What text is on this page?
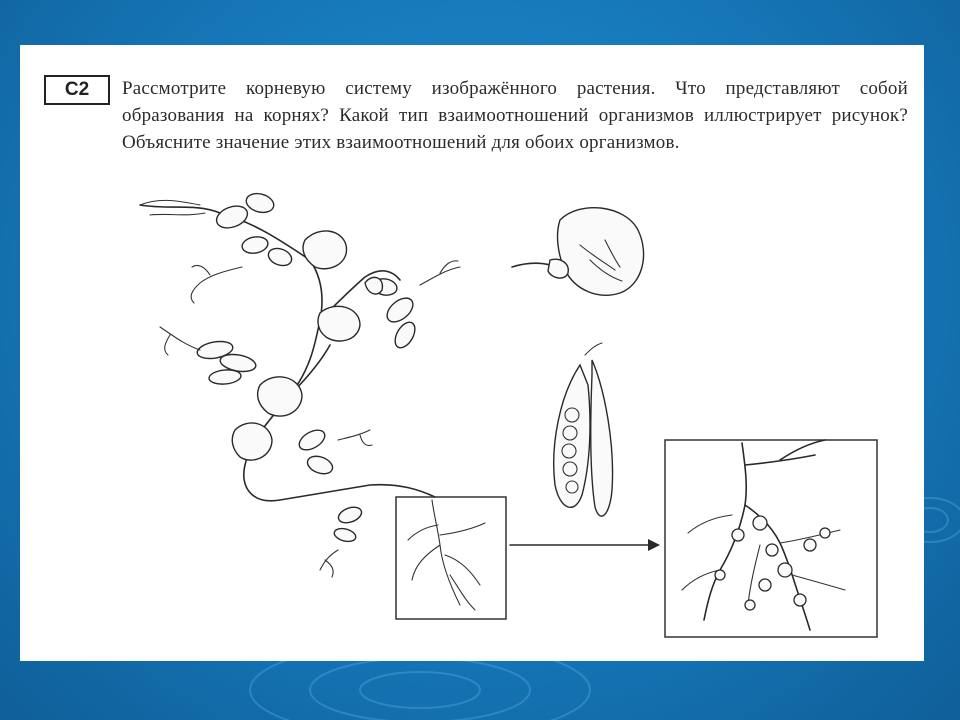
С2 Рассмотрите корневую систему изображённого растения. Что представляют собой образования на корнях? Какой тип взаимоотношений организмов иллюстрирует рисунок? Объясните значение этих взаимоотношений для обоих организмов.
